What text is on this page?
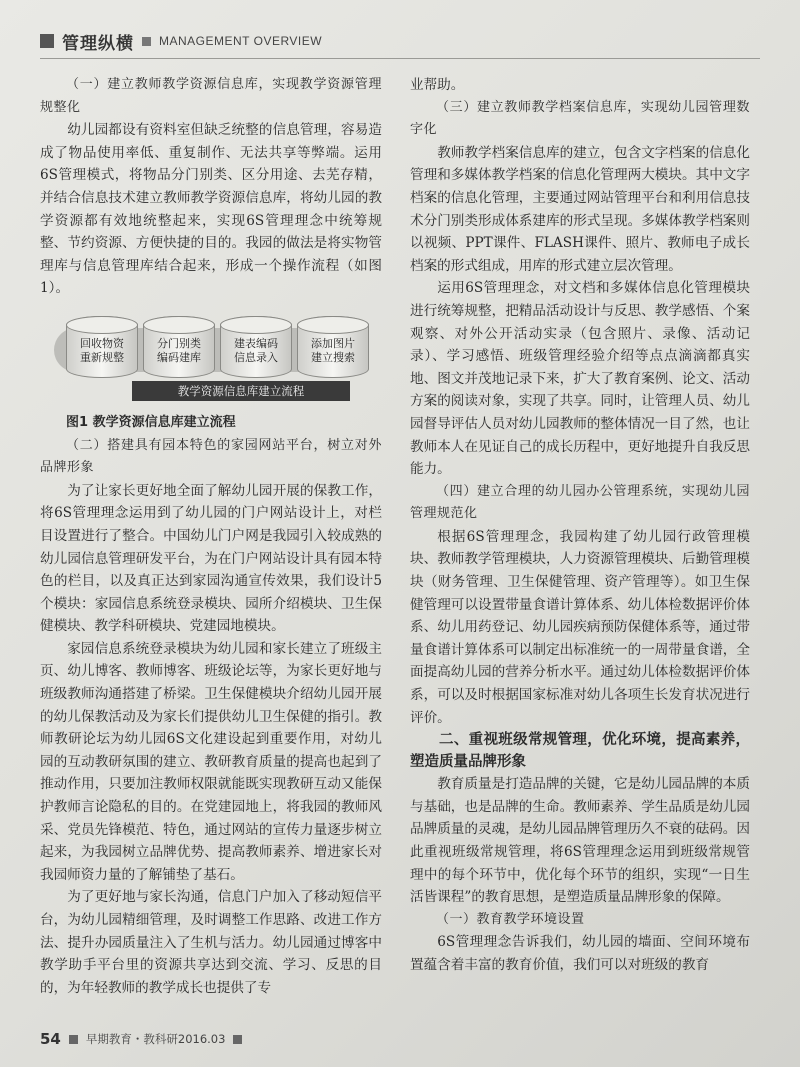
管理纵横 MANAGEMENT OVERVIEW

（一）建立教师教学资源信息库，实现教学资源管理规整化

幼儿园都设有资料室但缺乏统整的信息管理，容易造成了物品使用率低、重复制作、无法共享等弊端。运用6S管理模式，将物品分门别类、区分用途、去芜存精，并结合信息技术建立教师教学资源信息库，将幼儿园的教学资源都有效地统整起来，实现6S管理理念中统筹规整、节约资源、方便快捷的目的。我园的做法是将实物管理库与信息管理库结合起来，形成一个操作流程（如图1）。

回收物资
重新规整
分门别类
编码建库
建表编码
信息录入
添加图片
建立搜索
教学资源信息库建立流程

图1 教学资源信息库建立流程

（二）搭建具有园本特色的家园网站平台，树立对外品牌形象

为了让家长更好地全面了解幼儿园开展的保教工作，将6S管理理念运用到了幼儿园的门户网站设计上，对栏目设置进行了整合。中国幼儿门户网是我园引入较成熟的幼儿园信息管理研发平台，为在门户网站设计具有园本特色的栏目，以及真正达到家园沟通宣传效果，我们设计5个模块：家园信息系统登录模块、园所介绍模块、卫生保健模块、教学科研模块、党建园地模块。

家园信息系统登录模块为幼儿园和家长建立了班级主页、幼儿博客、教师博客、班级论坛等，为家长更好地与班级教师沟通搭建了桥梁。卫生保健模块介绍幼儿园开展的幼儿保教活动及为家长们提供幼儿卫生保健的指引。教师教研论坛为幼儿园6S文化建设起到重要作用，对幼儿园的互动教研氛围的建立、教研教育质量的提高也起到了推动作用，只要加注教师权限就能既实现教研互动又能保护教师言论隐私的目的。在党建园地上，将我园的教师风采、党员先锋模范、特色，通过网站的宣传力量逐步树立起来，为我园树立品牌优势、提高教师素养、增进家长对我园师资力量的了解铺垫了基石。

为了更好地与家长沟通，信息门户加入了移动短信平台，为幼儿园精细管理，及时调整工作思路、改进工作方法、提升办园质量注入了生机与活力。幼儿园通过博客中教学助手平台里的资源共享达到交流、学习、反思的目的，为年轻教师的教学成长也提供了专

业帮助。

（三）建立教师教学档案信息库，实现幼儿园管理数字化

教师教学档案信息库的建立，包含文字档案的信息化管理和多媒体教学档案的信息化管理两大模块。其中文字档案的信息化管理，主要通过网站管理平台和利用信息技术分门别类形成体系建库的形式呈现。多媒体教学档案则以视频、PPT课件、FLASH课件、照片、教师电子成长档案的形式组成，用库的形式建立层次管理。

运用6S管理理念，对文档和多媒体信息化管理模块进行统筹规整，把精品活动设计与反思、教学感悟、个案观察、对外公开活动实录（包含照片、录像、活动记录）、学习感悟、班级管理经验介绍等点点滴滴都真实地、图文并茂地记录下来，扩大了教育案例、论文、活动方案的阅读对象，实现了共享。同时，让管理人员、幼儿园督导评估人员对幼儿园教师的整体情况一目了然，也让教师本人在见证自己的成长历程中，更好地提升自我反思能力。

（四）建立合理的幼儿园办公管理系统，实现幼儿园管理规范化

根据6S管理理念，我园构建了幼儿园行政管理模块、教师教学管理模块，人力资源管理模块、后勤管理模块（财务管理、卫生保健管理、资产管理等）。如卫生保健管理可以设置带量食谱计算体系、幼儿体检数据评价体系、幼儿用药登记、幼儿园疾病预防保健体系等，通过带量食谱计算体系可以制定出标准统一的一周带量食谱，全面提高幼儿园的营养分析水平。通过幼儿体检数据评价体系，可以及时根据国家标准对幼儿各项生长发育状况进行评价。

二、重视班级常规管理，优化环境，提高素养，塑造质量品牌形象

教育质量是打造品牌的关键，它是幼儿园品牌的本质与基础，也是品牌的生命。教师素养、学生品质是幼儿园品牌质量的灵魂，是幼儿园品牌管理历久不衰的砝码。因此重视班级常规管理，将6S管理理念运用到班级常规管理中的每个环节中，优化每个环节的组织，实现“一日生活皆课程”的教育思想，是塑造质量品牌形象的保障。

（一）教育教学环境设置

6S管理理念告诉我们，幼儿园的墙面、空间环境布置蕴含着丰富的教育价值，我们可以对班级的教育

54 早期教育・教科研2016.03
